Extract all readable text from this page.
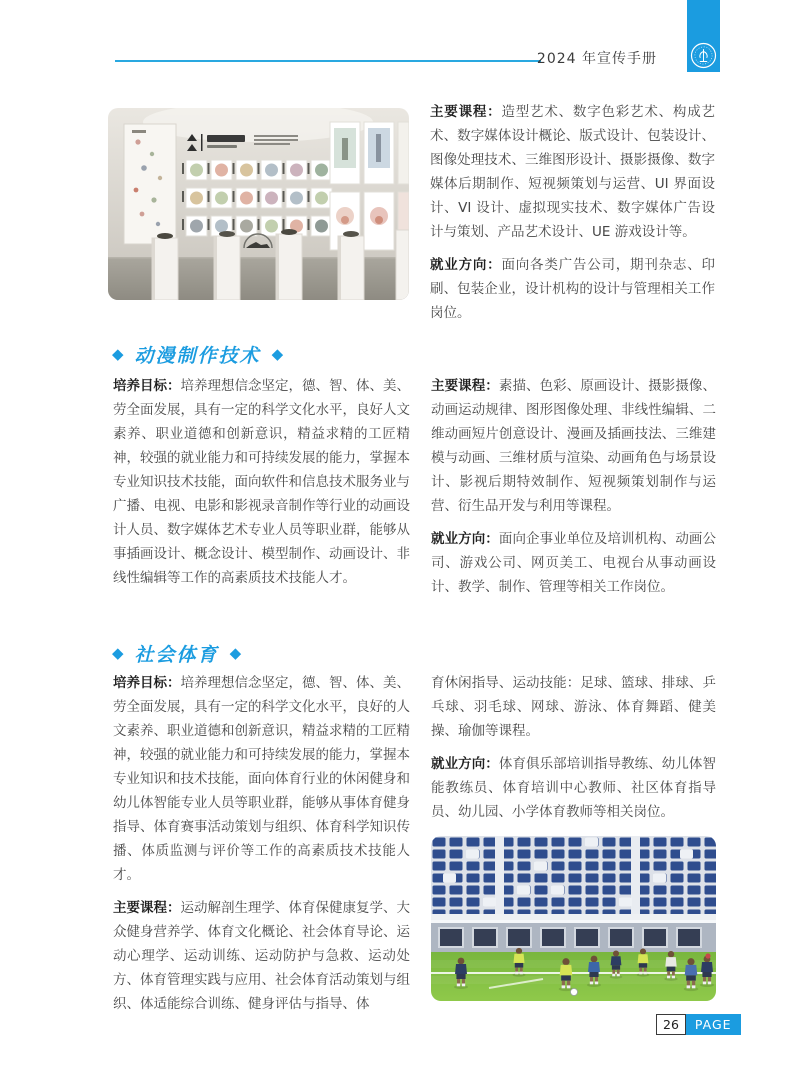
2024 年宣传手册

主要课程：造型艺术、数字色彩艺术、构成艺术、数字媒体设计概论、版式设计、包装设计、图像处理技术、三维图形设计、摄影摄像、数字媒体后期制作、短视频策划与运营、UI 界面设计、VI 设计、虚拟现实技术、数字媒体广告设计与策划、产品艺术设计、UE 游戏设计等。

就业方向：面向各类广告公司，期刊杂志、印刷、包装企业，设计机构的设计与管理相关工作岗位。

◆ 动漫制作技术 ◆

培养目标：培养理想信念坚定，德、智、体、美、劳全面发展，具有一定的科学文化水平，良好人文素养、职业道德和创新意识，精益求精的工匠精神，较强的就业能力和可持续发展的能力，掌握本专业知识技术技能，面向软件和信息技术服务业与广播、电视、电影和影视录音制作等行业的动画设计人员、数字媒体艺术专业人员等职业群，能够从事插画设计、概念设计、模型制作、动画设计、非线性编辑等工作的高素质技术技能人才。

主要课程：素描、色彩、原画设计、摄影摄像、动画运动规律、图形图像处理、非线性编辑、二维动画短片创意设计、漫画及插画技法、三维建模与动画、三维材质与渲染、动画角色与场景设计、影视后期特效制作、短视频策划制作与运营、衍生品开发与利用等课程。

就业方向：面向企事业单位及培训机构、动画公司、游戏公司、网页美工、电视台从事动画设计、教学、制作、管理等相关工作岗位。

◆ 社会体育 ◆

培养目标：培养理想信念坚定，德、智、体、美、劳全面发展，具有一定的科学文化水平，良好的人文素养、职业道德和创新意识，精益求精的工匠精神，较强的就业能力和可持续发展的能力，掌握本专业知识和技术技能，面向体育行业的休闲健身和幼儿体智能专业人员等职业群，能够从事体育健身指导、体育赛事活动策划与组织、体育科学知识传播、体质监测与评价等工作的高素质技术技能人才。

主要课程：运动解剖生理学、体育保健康复学、大众健身营养学、体育文化概论、社会体育导论、运动心理学、运动训练、运动防护与急救、运动处方、体育管理实践与应用、社会体育活动策划与组织、体适能综合训练、健身评估与指导、体

育休闲指导、运动技能：足球、篮球、排球、乒乓球、羽毛球、网球、游泳、体育舞蹈、健美操、瑜伽等课程。

就业方向：体育俱乐部培训指导教练、幼儿体智能教练员、体育培训中心教师、社区体育指导员、幼儿园、小学体育教师等相关岗位。

26	PAGE
